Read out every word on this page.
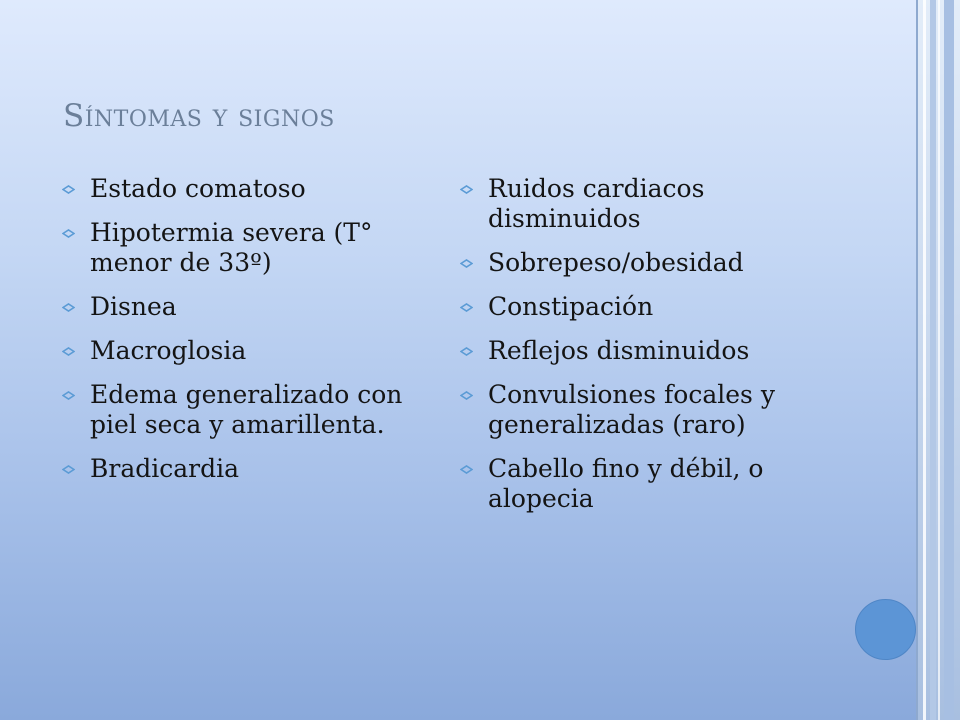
Síntomas y signos
Estado comatoso
Hipotermia severa (T° menor de 33º)
Disnea
Macroglosia
Edema generalizado con piel seca y amarillenta.
Bradicardia
Ruidos cardiacos disminuidos
Sobrepeso/obesidad
Constipación
Reflejos disminuidos
Convulsiones focales y generalizadas (raro)
Cabello fino y débil, o alopecia
